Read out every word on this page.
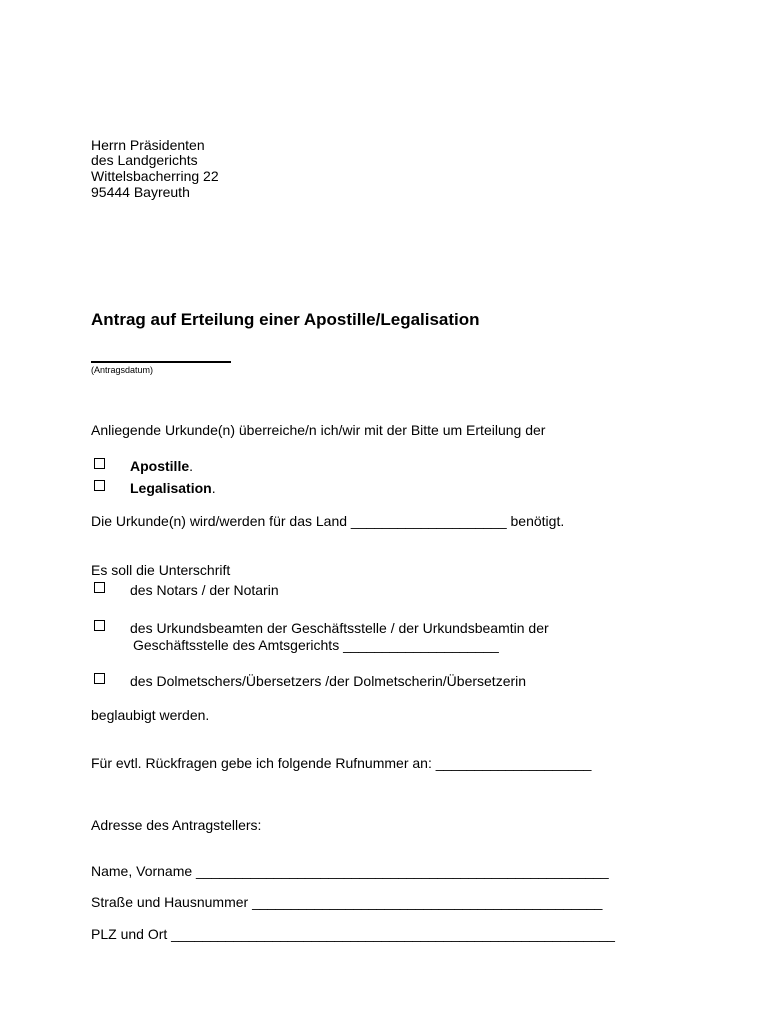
Herrn Präsidenten
des Landgerichts
Wittelsbacherring 22
95444 Bayreuth
Antrag auf Erteilung einer Apostille/Legalisation
(Antragsdatum)
Anliegende Urkunde(n) überreiche/n ich/wir mit der Bitte um Erteilung der
Apostille.
Legalisation.
Die Urkunde(n) wird/werden für das Land ____________________ benötigt.
Es soll die Unterschrift
des Notars / der Notarin
des Urkundsbeamten der Geschäftsstelle / der Urkundsbeamtin der
Geschäftsstelle des Amtsgerichts ____________________
des Dolmetschers/Übersetzers /der Dolmetscherin/Übersetzerin
beglaubigt werden.
Für evtl. Rückfragen gebe ich folgende Rufnummer an: ____________________
Adresse des Antragstellers:
Name, Vorname _____________________________________________________
Straße und Hausnummer _____________________________________________
PLZ und Ort _________________________________________________________
